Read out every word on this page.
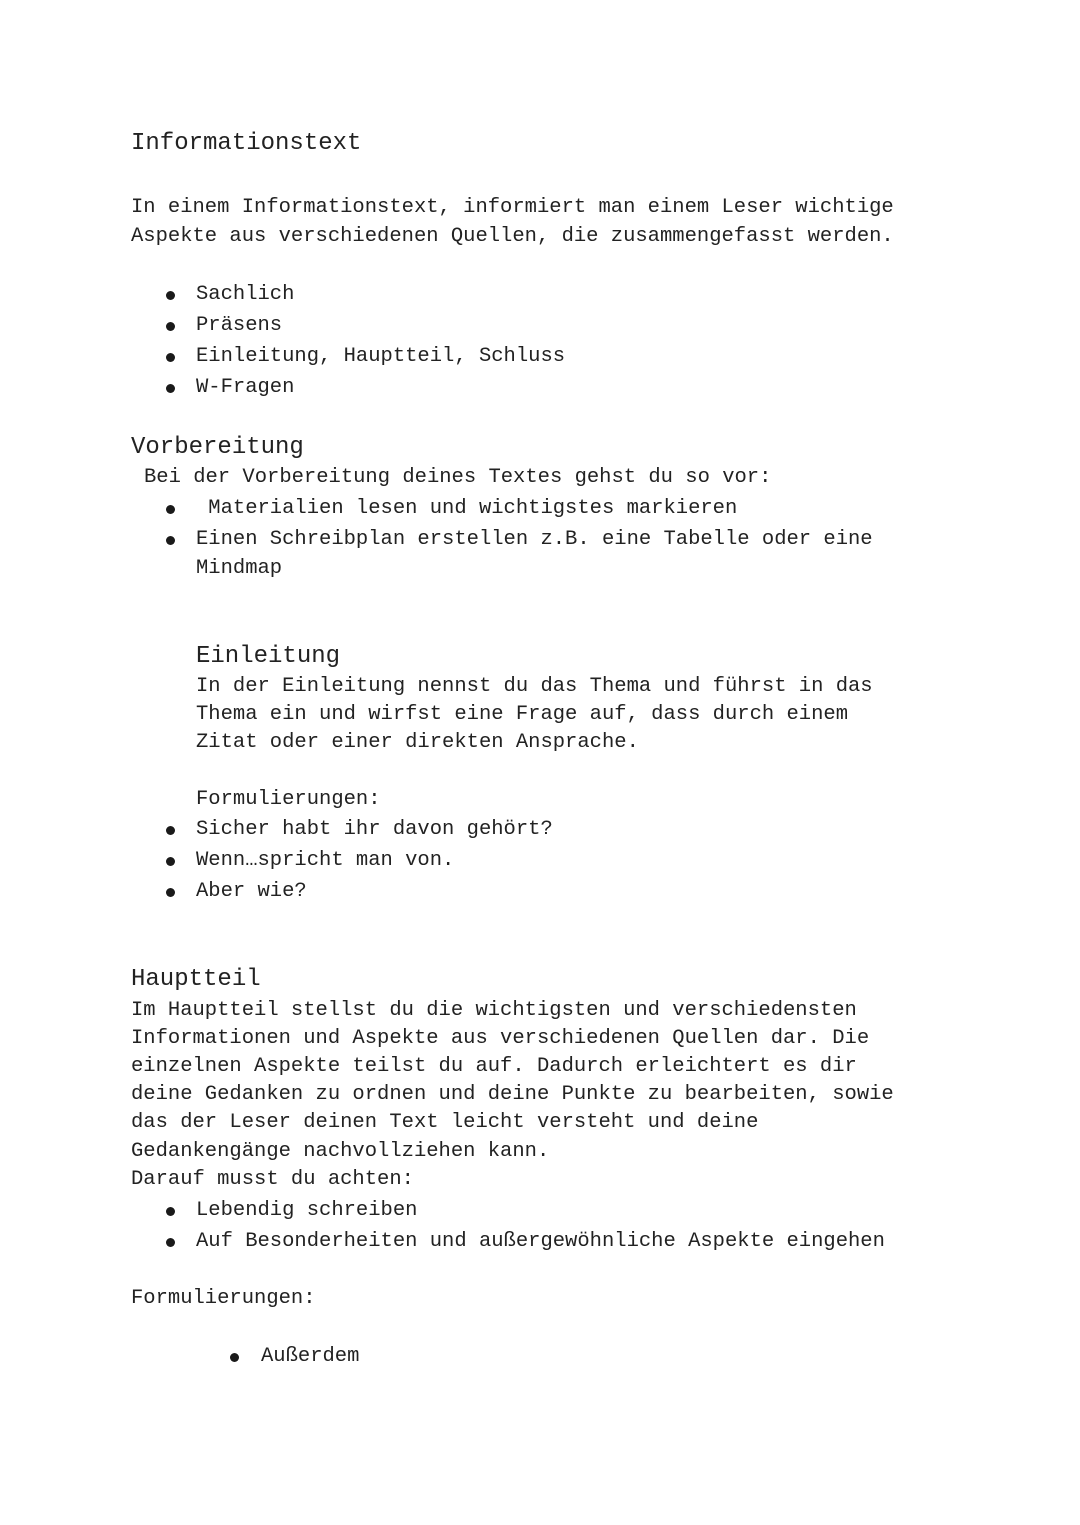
Informationstext
In einem Informationstext, informiert man einem Leser wichtige
Aspekte aus verschiedenen Quellen, die zusammengefasst werden.
Sachlich
Präsens
Einleitung, Hauptteil, Schluss
W-Fragen
Vorbereitung
Bei der Vorbereitung deines Textes gehst du so vor:
Materialien lesen und wichtigstes markieren
Einen Schreibplan erstellen z.B. eine Tabelle oder eine
Mindmap
Einleitung
In der Einleitung nennst du das Thema und führst in das
Thema ein und wirfst eine Frage auf, dass durch einem
Zitat oder einer direkten Ansprache.
Formulierungen:
Sicher habt ihr davon gehört?
Wenn…spricht man von.
Aber wie?
Hauptteil
Im Hauptteil stellst du die wichtigsten und verschiedensten
Informationen und Aspekte aus verschiedenen Quellen dar. Die
einzelnen Aspekte teilst du auf. Dadurch erleichtert es dir
deine Gedanken zu ordnen und deine Punkte zu bearbeiten, sowie
das der Leser deinen Text leicht versteht und deine
Gedankengänge nachvollziehen kann.
Darauf musst du achten:
Lebendig schreiben
Auf Besonderheiten und außergewöhnliche Aspekte eingehen
Formulierungen:
Außerdem
